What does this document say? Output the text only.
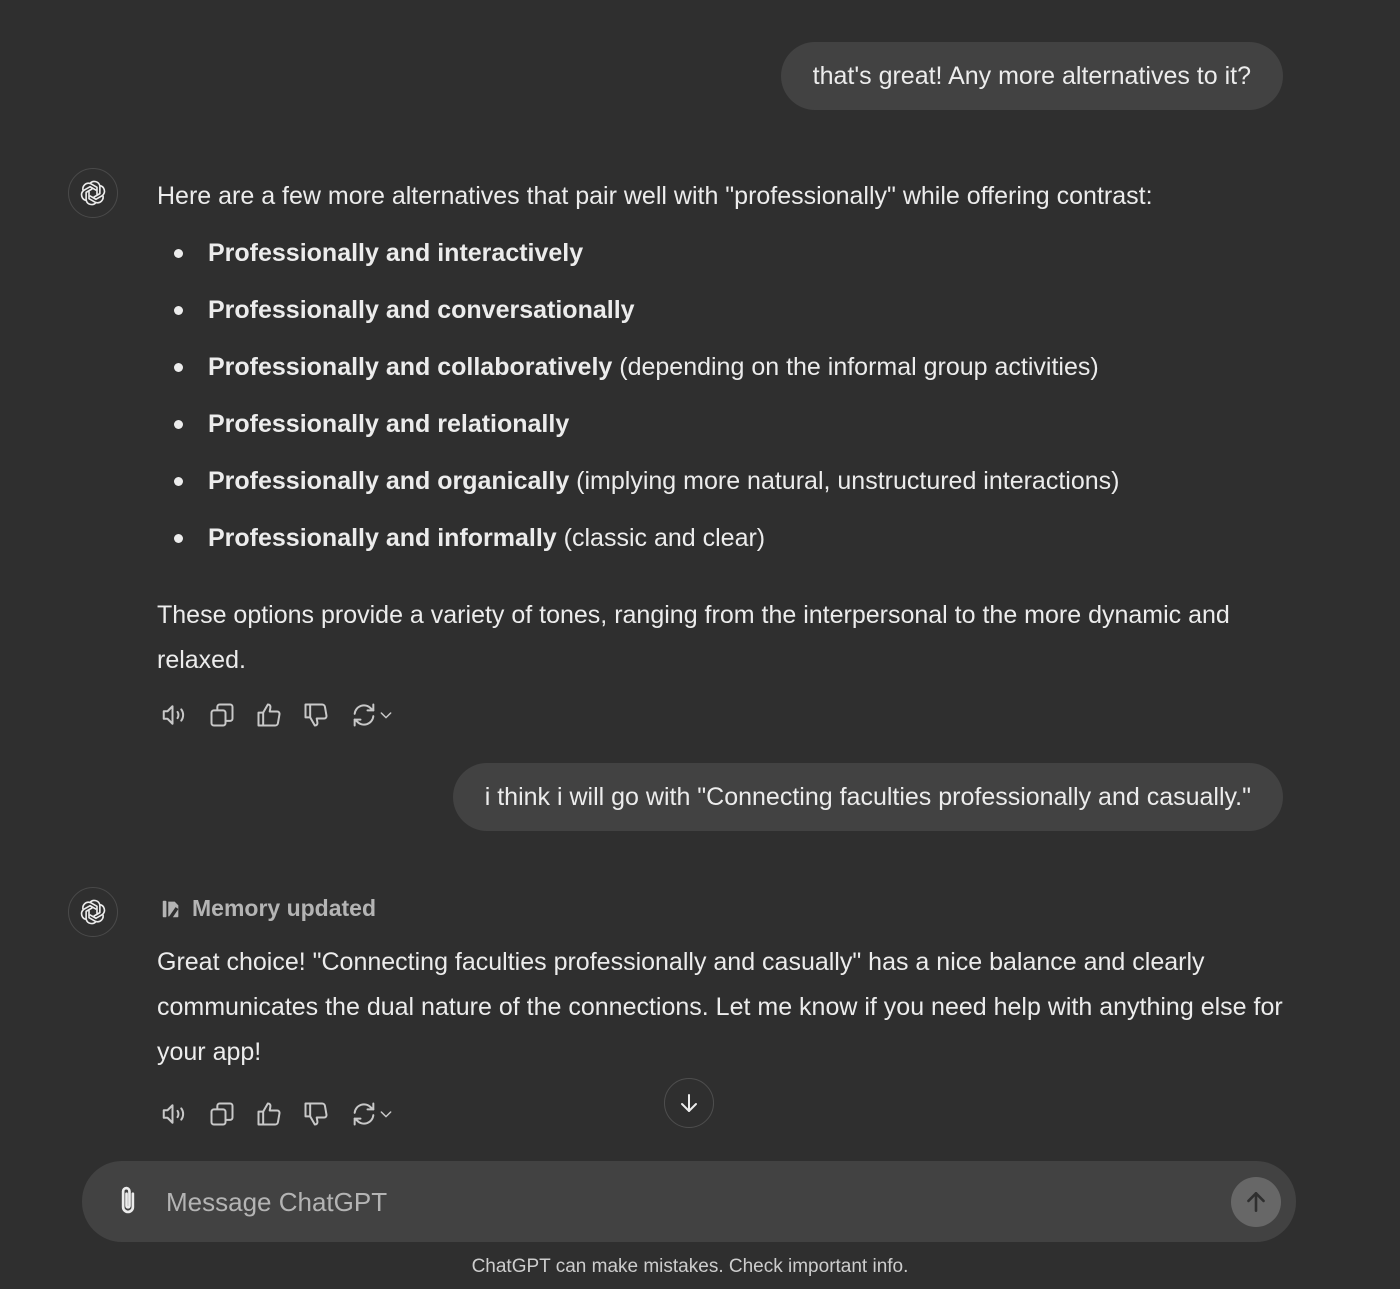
that's great! Any more alternatives to it?

Here are a few more alternatives that pair well with "professionally" while offering contrast:

Professionally and interactively
Professionally and conversationally
Professionally and collaboratively (depending on the informal group activities)
Professionally and relationally
Professionally and organically (implying more natural, unstructured interactions)
Professionally and informally (classic and clear)
These options provide a variety of tones, ranging from the interpersonal to the more dynamic and relaxed.
i think i will go with "Connecting faculties professionally and casually."
Memory updated
Great choice! "Connecting faculties professionally and casually" has a nice balance and clearly communicates the dual nature of the connections. Let me know if you need help with anything else for your app!
Message ChatGPT
ChatGPT can make mistakes. Check important info.
